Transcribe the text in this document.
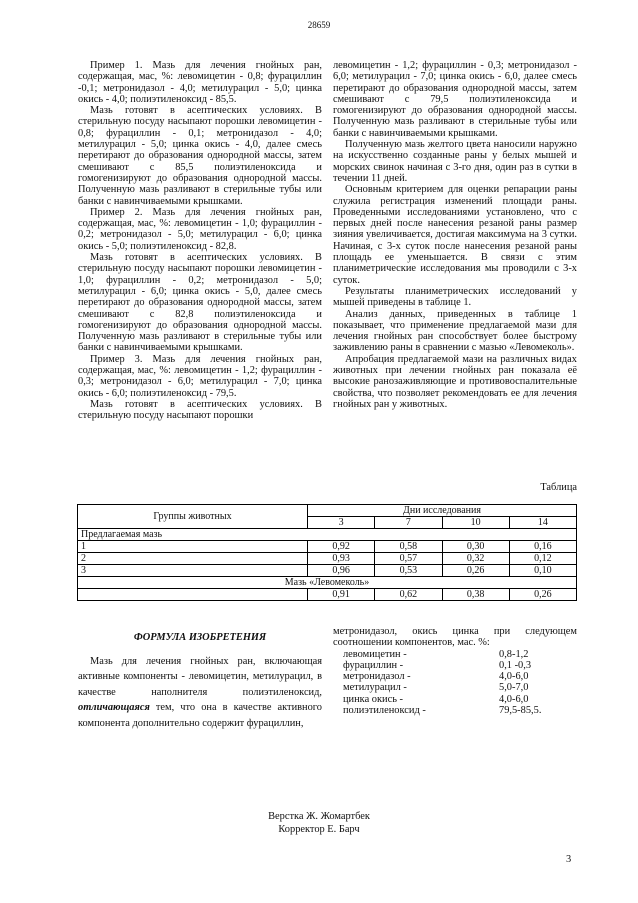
28659

Пример 1. Мазь для лечения гнойных ран, содержащая, мас, %: левомицетин - 0,8; фурациллин -0,1; метронидазол - 4,0; метилурацил - 5,0; цинка окись - 4,0; полиэтиленоксид - 85,5.

Мазь готовят в асептических условиях. В стерильную посуду насыпают порошки левомицетин - 0,8; фурациллин - 0,1; метронидазол - 4,0; метилурацил - 5,0; цинка окись - 4,0, далее смесь перетирают до образования однородной массы, затем смешивают с 85,5 полиэтиленоксида и гомогенизируют до образования однородной массы. Полученную мазь разливают в стерильные тубы или банки с навинчиваемыми крышками.

Пример 2. Мазь для лечения гнойных ран, содержащая, мас, %: левомицетин - 1,0; фурациллин - 0,2; метронидазол - 5,0; метилурацил - 6,0; цинка окись - 5,0; полиэтиленоксид - 82,8.

Мазь готовят в асептических условиях. В стерильную посуду насыпают порошки левомицетин - 1,0; фурациллин - 0,2; метронидазол - 5,0; метилурацил - 6,0; цинка окись - 5,0, далее смесь перетирают до образования однородной массы, затем смешивают с 82,8 полиэтиленоксида и гомогенизируют до образования однородной массы. Полученную мазь разливают в стерильные тубы или банки с навинчиваемыми крышками.

Пример 3. Мазь для лечения гнойных ран, содержащая, мас, %: левомицетин - 1,2; фурациллин - 0,3; метронидазол - 6,0; метилурацил - 7,0; цинка окись - 6,0; полиэтиленоксид - 79,5.

Мазь готовят в асептических условиях. В стерильную посуду насыпают порошки

левомицетин - 1,2; фурациллин - 0,3; метронидазол - 6,0; метилурацил - 7,0; цинка окись - 6,0, далее смесь перетирают до образования однородной массы, затем смешивают с 79,5 полиэтиленоксида и гомогенизируют до образования однородной массы. Полученную мазь разливают в стерильные тубы или банки с навинчиваемыми крышками.

Полученную мазь желтого цвета наносили наружно на искусственно созданные раны у белых мышей и морских свинок начиная с 3-го дня, один раз в сутки в течении 11 дней.

Основным критерием для оценки репарации раны служила регистрация изменений площади раны. Проведенными исследованиями установлено, что с первых дней после нанесения резаной раны размер зияния увеличивается, достигая максимума на 3 сутки. Начиная, с 3-х суток после нанесения резаной раны площадь ее уменьшается. В связи с этим планиметрические исследования мы проводили с 3-х суток.

Результаты планиметрических исследований у мышей приведены в таблице 1.

Анализ данных, приведенных в таблице 1 показывает, что применение предлагаемой мази для лечения гнойных ран способствует более быстрому заживлению раны в сравнении с мазью «Левомеколь».

Апробация предлагаемой мази на различных видах животных при лечении гнойных ран показала её высокие ранозаживляющие и противовоспалительные свойства, что позволяет рекомендовать ее для лечения гнойных ран у животных.

Таблица
Группы животных	Дни исследования			
	3	7	10	14
Предлагаемая мазь				
1	0,92	0,58	0,30	0,16
2	0,93	0,57	0,32	0,12
3	0,96	0,53	0,26	0,10
Мазь «Левомеколь»				
	0,91	0,62	0,38	0,26
ФОРМУЛА ИЗОБРЕТЕНИЯ

Мазь для лечения гнойных ран, включающая активные компоненты - левомицетин, метилурацил, в качестве наполнителя полиэтиленоксид, отличающаяся тем, что она в качестве активного компонента дополнительно содержит фурациллин,

метронидазол, окись цинка при следующем соотношении компонентов, мас. %:

левомицетин -	0,8-1,2
фурациллин -	0,1 -0,3
метронидазол -	4,0-6,0
метилурацил -	5,0-7,0
цинка окись -	4,0-6,0
полиэтиленоксид -	79,5-85,5.
Верстка Ж. Жомартбек
Корректор Е. Барч
3
